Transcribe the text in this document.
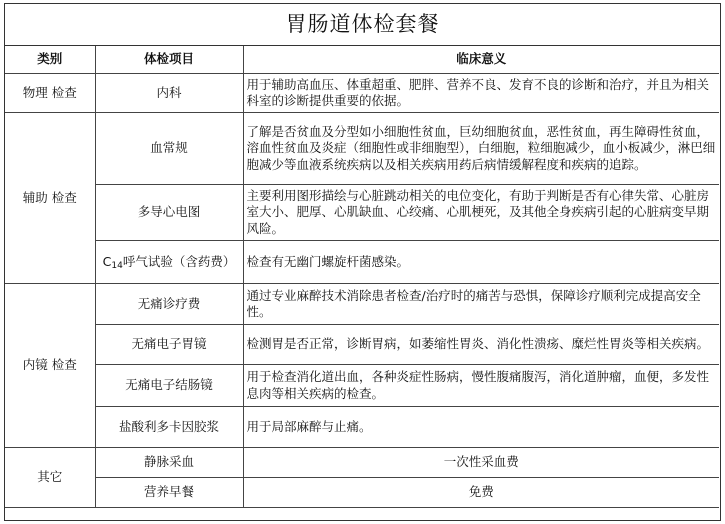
胃肠道体检套餐
类别	体检项目	临床意义
物理 检查	内科	用于辅助高血压、体重超重、肥胖、营养不良、发育不良的诊断和治疗，并且为相关科室的诊断提供重要的依据。
辅助 检查	血常规	了解是否贫血及分型如小细胞性贫血，巨幼细胞贫血，恶性贫血，再生障碍性贫血，溶血性贫血及炎症（细胞性或非细胞型），白细胞，粒细胞减少，血小板减少，淋巴细胞减少等血液系统疾病以及相关疾病用药后病情缓解程度和疾病的追踪。
	多导心电图	主要利用图形描绘与心脏跳动相关的电位变化，有助于判断是否有心律失常、心脏房室大小、肥厚、心肌缺血、心绞痛、心肌梗死，及其他全身疾病引起的心脏病变早期风险。
	$C_{14}$呼气试验（含药费）	检查有无幽门螺旋杆菌感染。
内镜 检查	无痛诊疗费	通过专业麻醉技术消除患者检查/治疗时的痛苦与恐惧，保障诊疗顺利完成提高安全性。
	无痛电子胃镜	检测胃是否正常，诊断胃病，如萎缩性胃炎、消化性溃疡、糜烂性胃炎等相关疾病。
	无痛电子结肠镜	用于检查消化道出血，各种炎症性肠病，慢性腹痛腹泻，消化道肿瘤，血便，多发性息肉等相关疾病的检查。
	盐酸利多卡因胶浆	用于局部麻醉与止痛。
其它	静脉采血	一次性采血费
	营养早餐	免费
